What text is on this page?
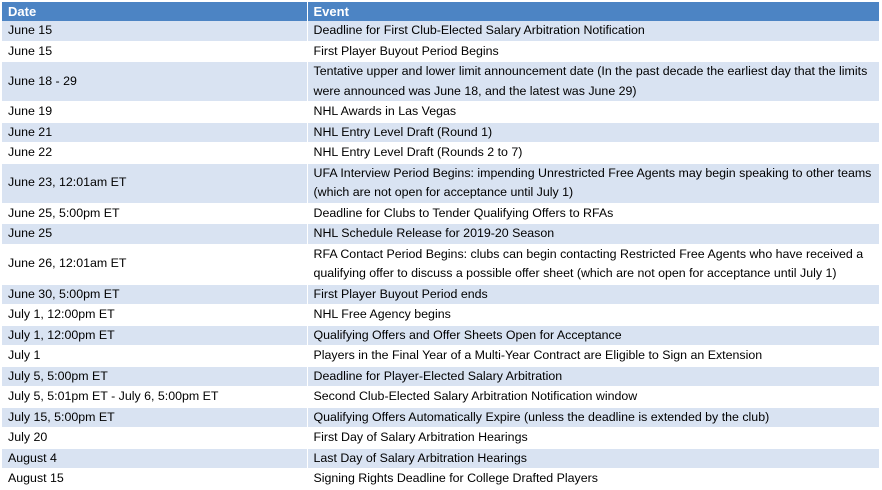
Date	Event
June 15	Deadline for First Club-Elected Salary Arbitration Notification
June 15	First Player Buyout Period Begins
June 18 - 29	Tentative upper and lower limit announcement date (In the past decade the earliest day that the limits were announced was June 18, and the latest was June 29)
June 19	NHL Awards in Las Vegas
June 21	NHL Entry Level Draft (Round 1)
June 22	NHL Entry Level Draft (Rounds 2 to 7)
June 23, 12:01am ET	UFA Interview Period Begins: impending Unrestricted Free Agents may begin speaking to other teams (which are not open for acceptance until July 1)
June 25, 5:00pm ET	Deadline for Clubs to Tender Qualifying Offers to RFAs
June 25	NHL Schedule Release for 2019-20 Season
June 26, 12:01am ET	RFA Contact Period Begins: clubs can begin contacting Restricted Free Agents who have received a qualifying offer to discuss a possible offer sheet (which are not open for acceptance until July 1)
June 30, 5:00pm ET	First Player Buyout Period ends
July 1, 12:00pm ET	NHL Free Agency begins
July 1, 12:00pm ET	Qualifying Offers and Offer Sheets Open for Acceptance
July 1	Players in the Final Year of a Multi-Year Contract are Eligible to Sign an Extension
July 5, 5:00pm ET	Deadline for Player-Elected Salary Arbitration
July 5, 5:01pm ET - July 6, 5:00pm ET	Second Club-Elected Salary Arbitration Notification window
July 15, 5:00pm ET	Qualifying Offers Automatically Expire (unless the deadline is extended by the club)
July 20	First Day of Salary Arbitration Hearings
August 4	Last Day of Salary Arbitration Hearings
August 15	Signing Rights Deadline for College Drafted Players
